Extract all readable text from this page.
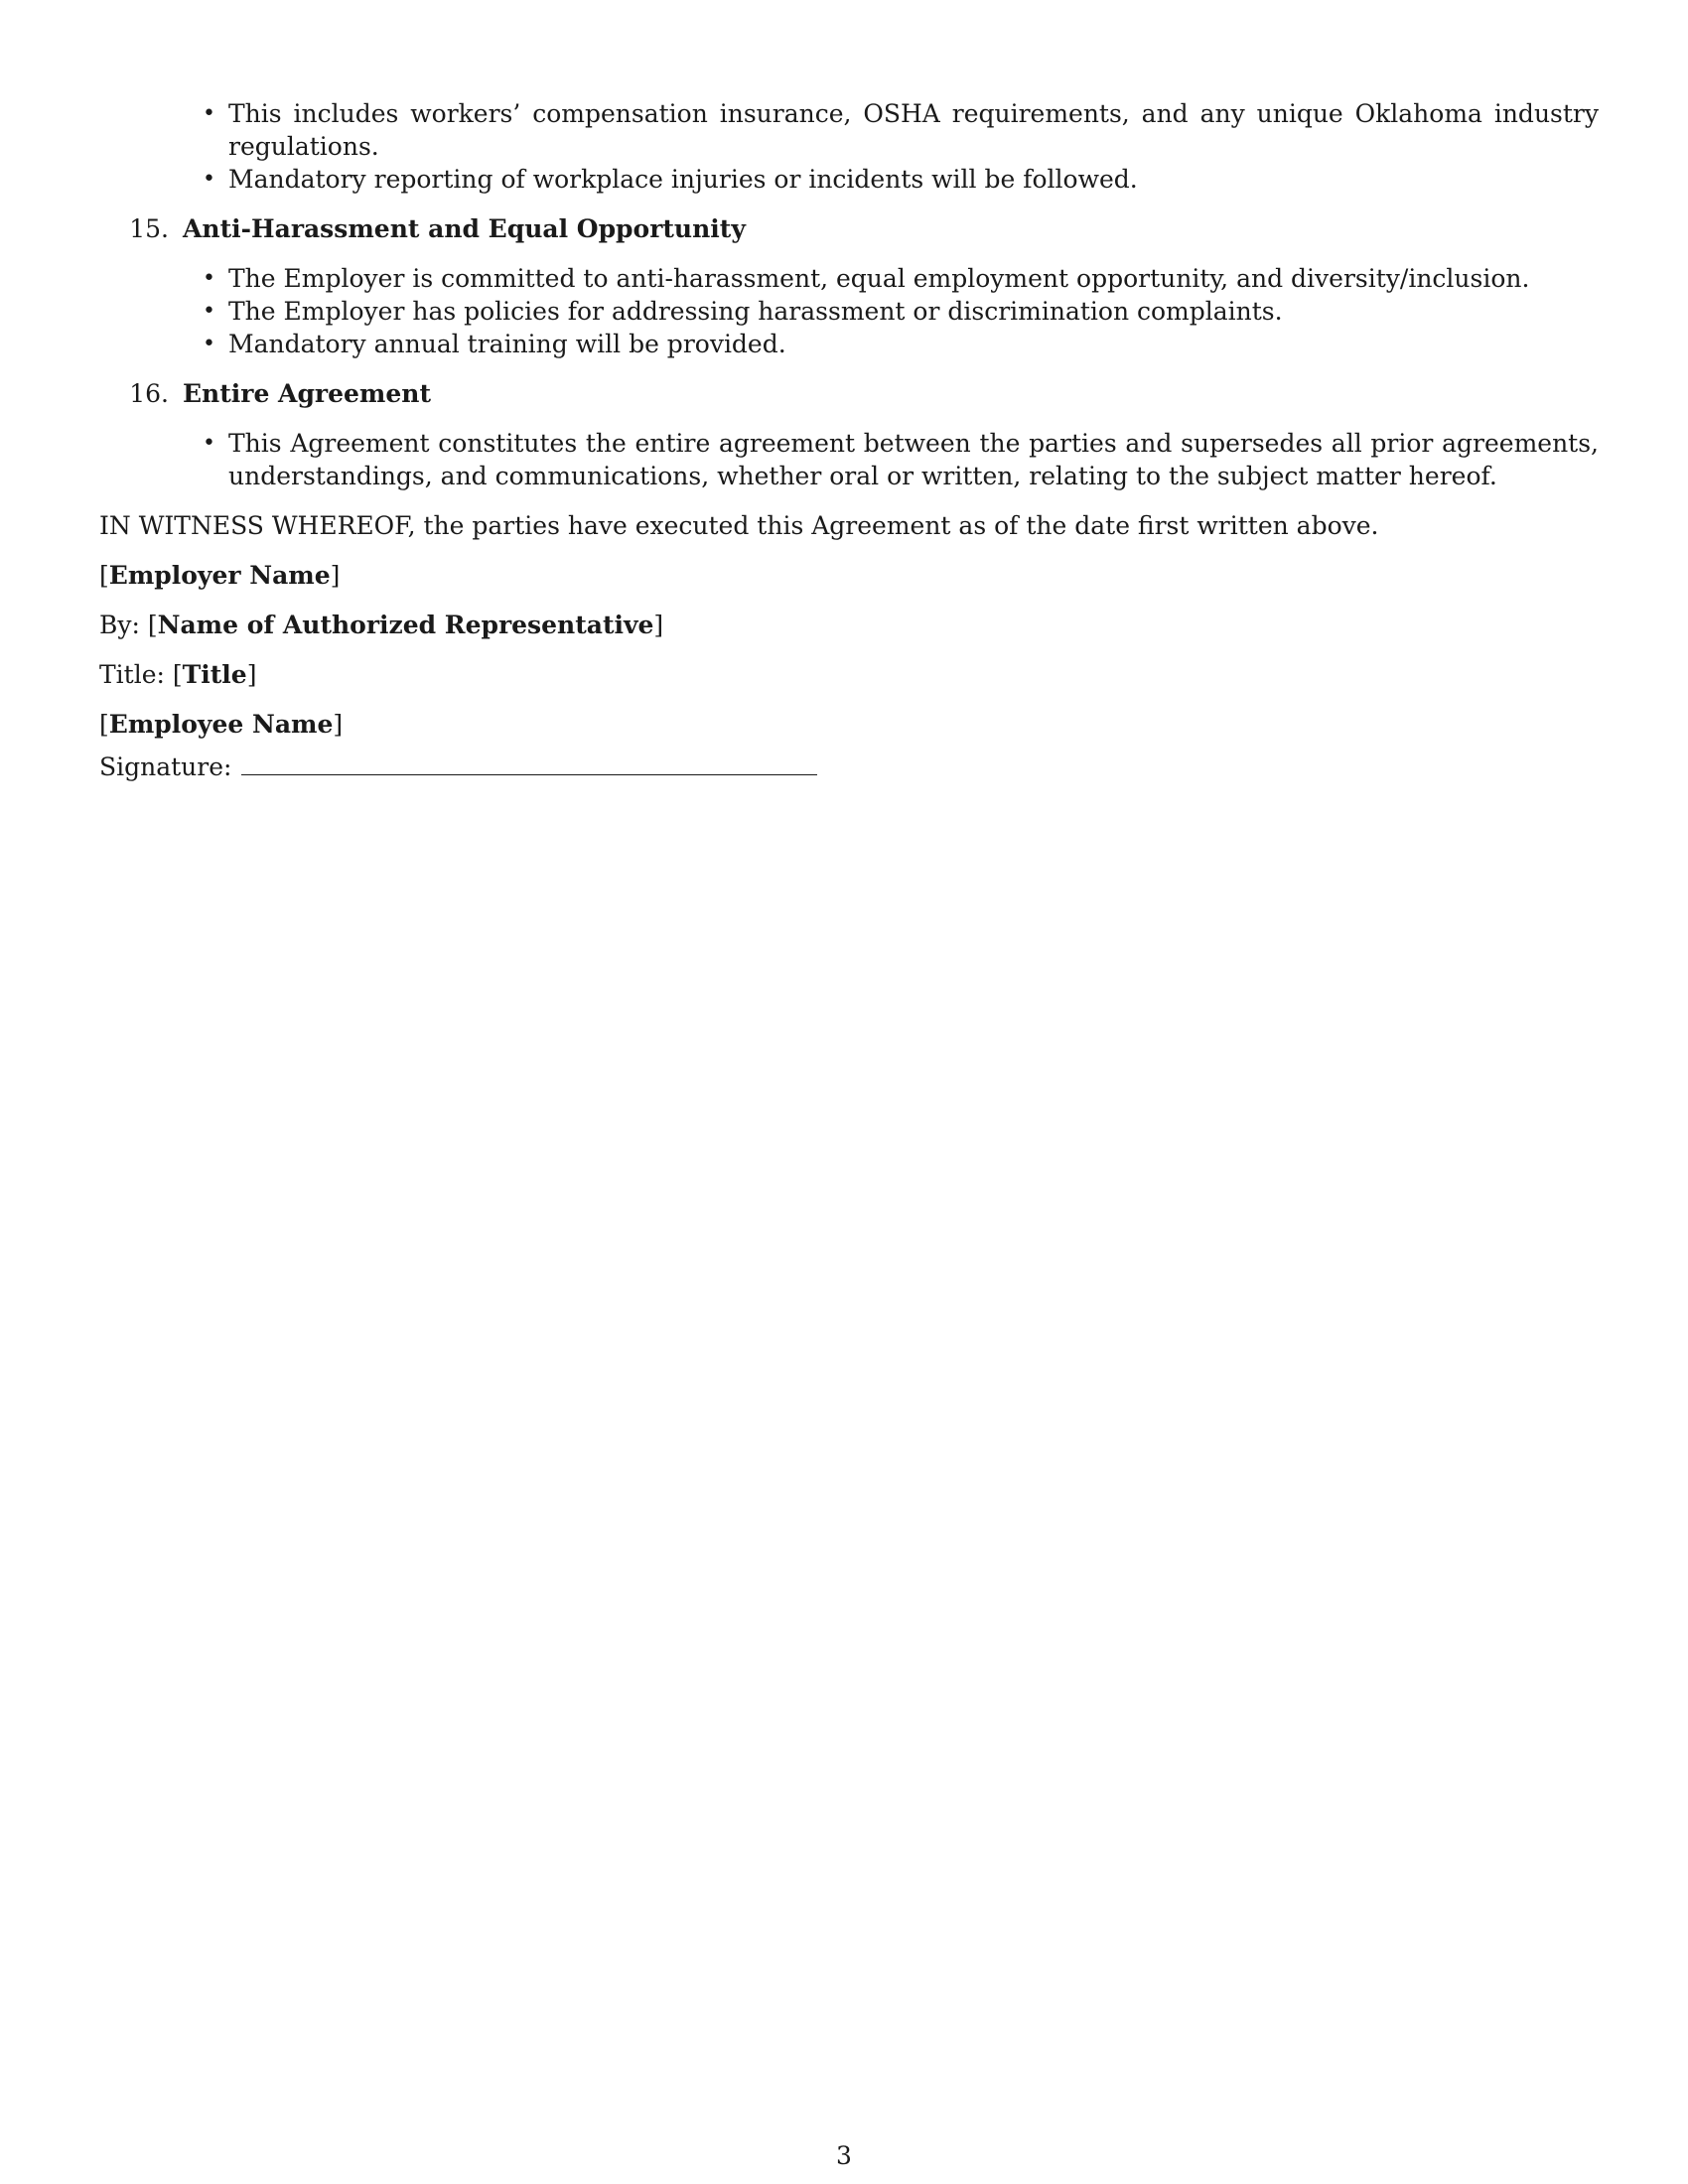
• This includes workers’ compensation insurance, OSHA requirements, and any unique Oklahoma industry regulations.
• Mandatory reporting of workplace injuries or incidents will be followed.
15. Anti-Harassment and Equal Opportunity
• The Employer is committed to anti-harassment, equal employment opportunity, and diversity/inclusion.
• The Employer has policies for addressing harassment or discrimination complaints.
• Mandatory annual training will be provided.
16. Entire Agreement
• This Agreement constitutes the entire agreement between the parties and supersedes all prior agreements, understandings, and communications, whether oral or written, relating to the subject matter hereof.
IN WITNESS WHEREOF, the parties have executed this Agreement as of the date first written above.
[Employer Name]
By: [Name of Authorized Representative]
Title: [Title]
[Employee Name]
Signature:
3
